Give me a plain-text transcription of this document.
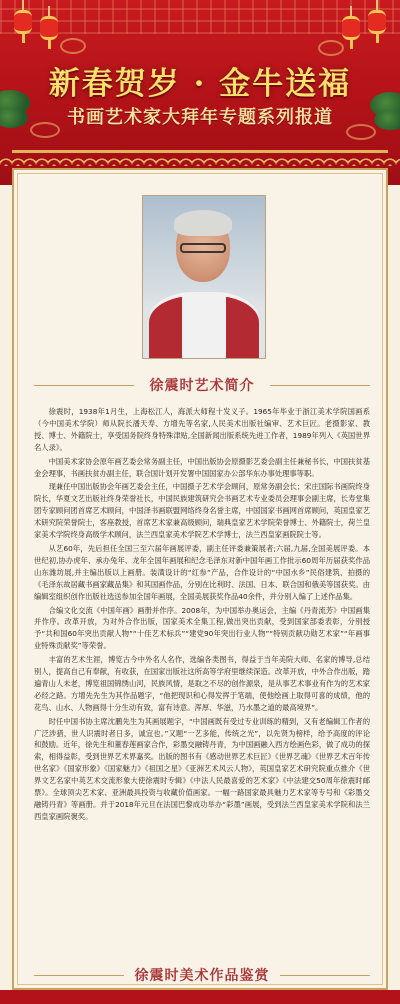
新春贺岁 · 金牛送福
书画艺术家大拜年专题系列报道
徐震时艺术简介

徐震时，1938年1月生，上海松江人，海派大师程十发义子。1965年毕业于浙江美术学院国画系（今中国美术学院）师从院长潘天寿、方增先等名家,人民美术出版社编审、艺术巨匠。老摄影家、教授、博士、外籍院士，享受国务院终身特殊津贴,全国新闻出版系统先进工作者，1989年列入《英国世界名人录》。

中国美术家协会原年画艺委会常务副主任，中国出版协会原摄影艺委会副主任兼秘书长，中国扶贫基金会理事，书画扶贫办副主任，联合国计划开发署中国国家办公部华东办事处理事等职。

现兼任中国出版协会年画艺委会主任，中国摄子艺术学会顾问，原常务副会长；宋庄国际书画院终身院长，华夏文艺出版社终身荣誉社长，中国民族建筑研究会书画艺术专业委员会理事会副主席，长寿堂集团专家顾问团首席艺术顾问，中国泽书画联盟网络终身名誉主席，中国国家书画网首席顾问，英国皇家艺术研究院荣誉院士，客座教授，首席艺术家兼高级顾问，瑞典皇家艺术学院荣誉博士、外籍院士，荷兰皇家美术学院终身高级学术顾问，法兰西皇家美术学院艺术学博士，法兰西皇家画院院士等。

从艺60年，先后担任全国三至六届年画展评委，副主任评委兼策展者;六届,九届,全国美展评委。本世纪初,协办虎年、承办兔年、龙年全国年画展和纪念毛泽东对新中国年画工作批示60周年历届获奖作品山东潍坊展,并主编出版以上画册。装潢设计的“红参”产品，合作设计的“中国水乡”民俗建筑、拍摄的《毛泽东故居藏书画家藏品集》和其国画作品，分别在比利时、法国、日本、联合国和俄美等国获奖。由编辑室组织创作出版社选送参加全国年画展，全国美展获奖作品40余件，并分别入编了上述作品集。

合编文化交流《中国年画》画册并作序。2008年，为中国举办奥运会，主编《丹青流芳》中国画集并作序。改革开放，为对外合作出版，国家美术全集工程,做出突出贡献，受到国家部委表彰，分别授予“共和国60年突出贡献人物”“十佳艺术标兵”“建党90年突出行业人物”“特别贡献功勋艺术家”“年画事业特殊贡献奖”等荣誉。

丰富的艺术生涯，博览古今中外名人名作，选编各类图书，得益于当年美院大师、名家的博导,总结别人，提高自己有奉献，有收获，在国家出版社这所高等学府里继续深造。改革开放，中外合作出版，踏遍青山人未老，博览祖国锦绣山河，民族风情，是取之不尽的创作源泉，是从事艺术事业有作为的艺术家必经之路。方增先先生为其作品题字，“他把现识和心得发挥于笔端，使他绘画上取得可喜的成绩，他的花鸟、山水、人物画得十分生动有致，富有诗意。浑厚、华滋，乃水墨之道的最高境界”。

时任中国书协主席沈鹏先生为其画展题字，“中国画既有受过专业训练的精到，又有老编辑工作者的广泛涉猎，世人识震时者日多，诚宜也。”又题“一艺多能，传统之光”，以先贤为榜样，给予高度的评论和鼓励。近年，徐先生和董春莲画家合作，彩墨交融铸丹青，为中国画融入西方绘画色彩，做了成功的探索，相得益彰，受到世界艺术界嘉奖。出版的图书有《感动世界艺术巨匠》《世界艺魂》《世界艺术百年传世名家》《国家形象》《国家魅力》《祖国之星》《亚洲艺术风云人物》，英国皇家艺术研究院重点推介《世界文艺名家中英艺术交流形象大使徐震时专辑》《中法人民最喜爱的艺术家》《中法建交50周年徐震时邮票》。全球顶尖艺术家、亚洲最具投资与收藏价值画家。一幅一路国家最具魅力艺术家等专号和《彩墨交融铸丹青》等画册。并于2018年元旦在法国巴黎成功举办“彩墨”画展，受到法兰西皇家美术学院和法兰西皇家画院褒奖。

徐震时美术作品鉴赏
